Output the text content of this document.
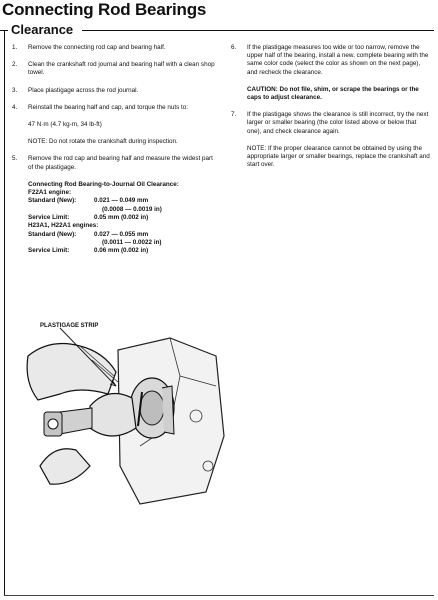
Connecting Rod Bearings
Clearance
1. Remove the connecting rod cap and bearing half.
2. Clean the crankshaft rod journal and bearing half with a clean shop towel.
3. Place plastigage across the rod journal.
4. Reinstall the bearing half and cap, and torque the nuts to:
47 N·m (4.7 kg-m, 34 lb-ft)
NOTE: Do not rotate the crankshaft during inspection.
5. Remove the rod cap and bearing half and measure the widest part of the plastigage.
Connecting Rod Bearing-to-Journal Oil Clearance:
F22A1 engine:
Standard (New):	0.021 — 0.049 mm
(0.0008 — 0.0019 in)
Service Limit:	0.05 mm (0.002 in)
H23A1, H22A1 engines:
Standard (New):	0.027 — 0.055 mm
(0.0011 — 0.0022 in)
Service Limit:	0.06 mm (0.002 in)
PLASTIGAGE STRIP
6. If the plastigage measures too wide or too narrow, remove the upper half of the bearing, install a new, complete bearing with the same color code (select the color as shown on the next page), and recheck the clearance.
CAUTION: Do not file, shim, or scrape the bearings or the caps to adjust clearance.
7. If the plastigage shows the clearance is still incorrect, try the next larger or smaller bearing (the color listed above or below that one), and check clearance again.
NOTE: If the proper clearance cannot be obtained by using the appropriate larger or smaller bearings, replace the crankshaft and start over.
